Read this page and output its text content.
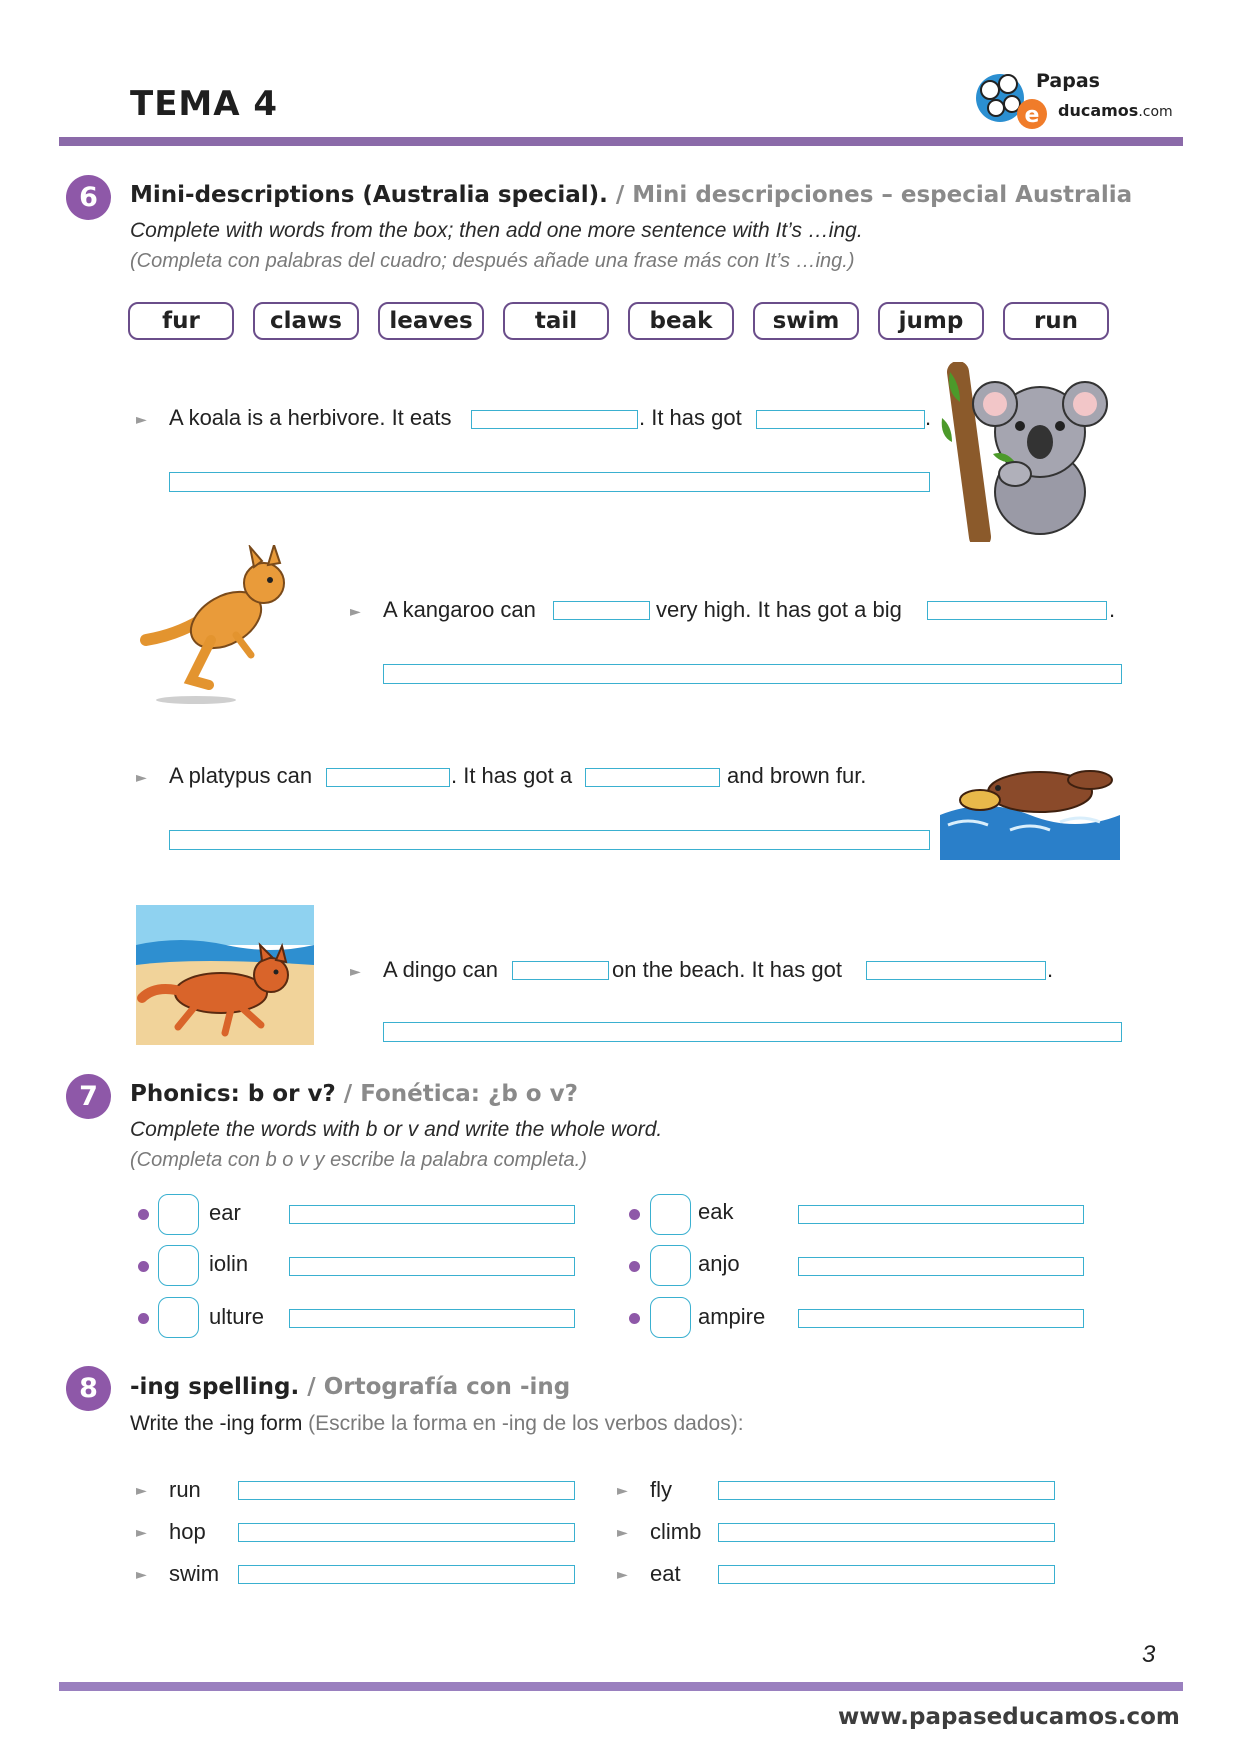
TEMA 4	e
Papas
ducamos.com
6	Mini-descriptions (Australia special). / Mini descripciones – especial Australia
Complete with words from the box; then add one more sentence with It’s …ing.
(Completa con palabras del cuadro; después añade una frase más con It’s …ing.)
fur	claws	leaves	tail	beak	swim	jump	run
► A koala is a herbivore. It eats	. It has got	.
► A kangaroo can	very high. It has got a big	.
► A platypus can	. It has got a	and brown fur.
► A dingo can	on the beach. It has got	.
7	Phonics: b or v? / Fonética: ¿b o v?
Complete the words with b or v and write the whole word.
(Completa con b o v y escribe la palabra completa.)
ear
iolin
ulture
eak
anjo
ampire
8	-ing spelling. / Ortografía con -ing
Write the -ing form (Escribe la forma en -ing de los verbos dados):
► run
► hop
► swim
► fly
► climb
► eat
3
www.papaseducamos.com
